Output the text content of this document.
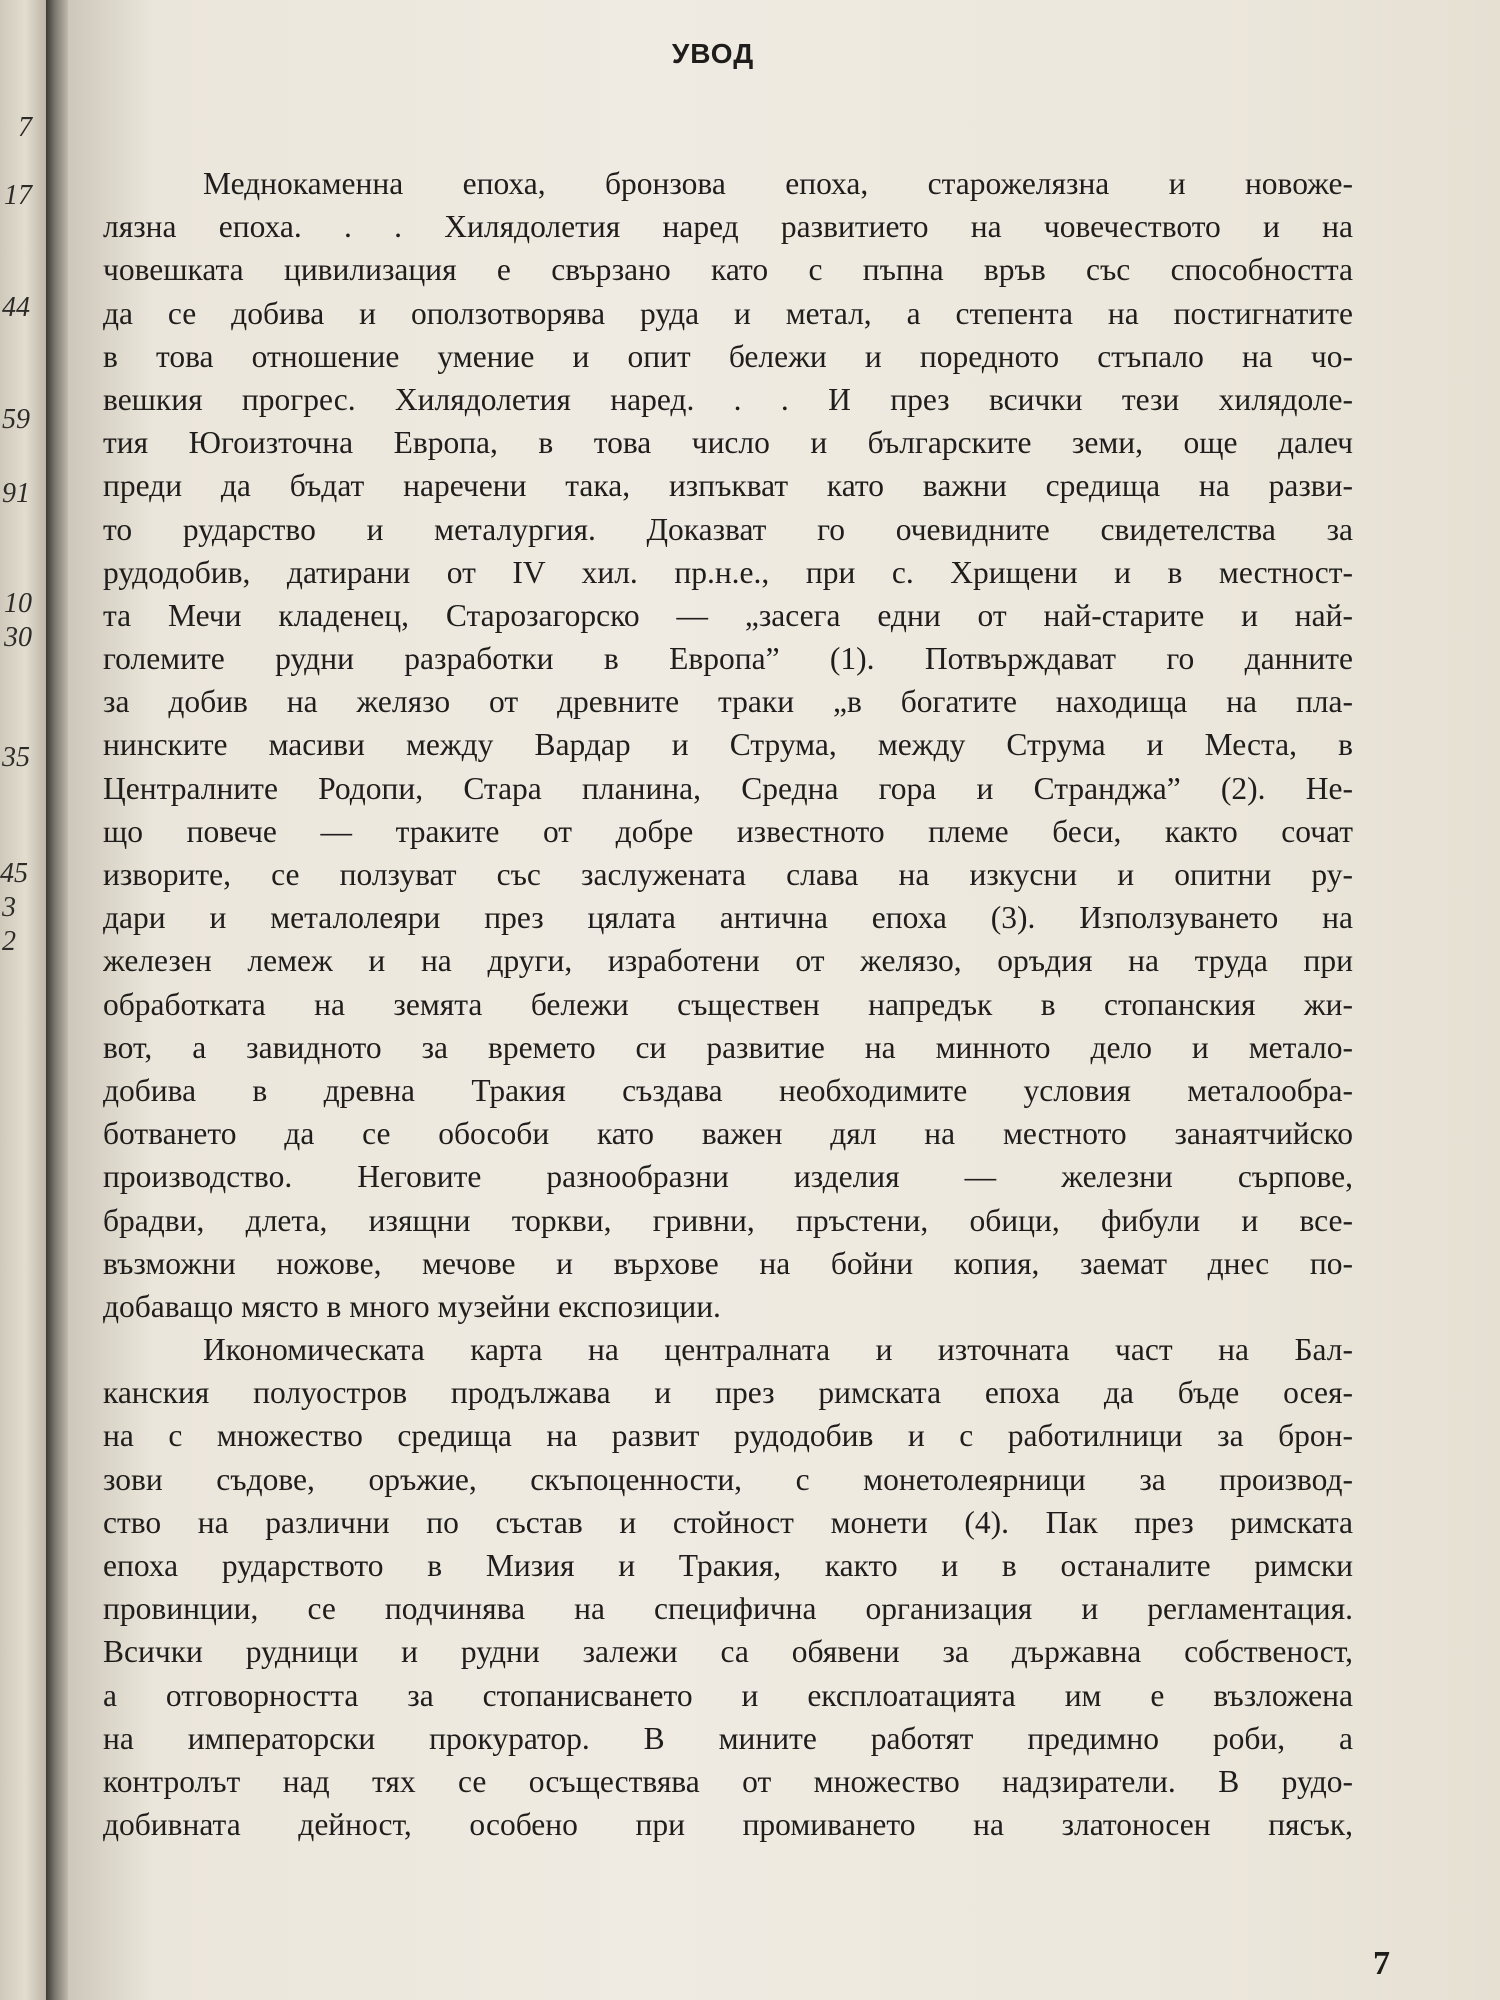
7
17
44
59
91
10
30
35
45
3
2
УВОД
Меднокаменна епоха, бронзова епоха, старожелязна и новоже-
лязна епоха. . . Хилядолетия наред развитието на човечеството и на
човешката цивилизация е свързано като с пъпна връв със способността
да се добива и оползотворява руда и метал, а степента на постигнатите
в това отношение умение и опит бележи и поредното стъпало на чо-
вешкия прогрес. Хилядолетия наред. . . И през всички тези хилядоле-
тия Югоизточна Европа, в това число и българските земи, още далеч
преди да бъдат наречени така, изпъкват като важни средища на разви-
то рударство и металургия. Доказват го очевидните свидетелства за
рудодобив, датирани от IV хил. пр.н.е., при с. Хрищени и в местност-
та Мечи кладенец, Старозагорско — „засега едни от най-старите и най-
големите рудни разработки в Европа” (1). Потвърждават го данните
за добив на желязо от древните траки „в богатите находища на пла-
нинските масиви между Вардар и Струма, между Струма и Места, в
Централните Родопи, Стара планина, Средна гора и Странджа” (2). Не-
що повече — траките от добре известното племе беси, както сочат
изворите, се ползуват със заслужената слава на изкусни и опитни ру-
дари и металолеяри през цялата антична епоха (3). Използуването на
железен лемеж и на други, изработени от желязо, оръдия на труда при
обработката на земята бележи съществен напредък в стопанския жи-
вот, а завидното за времето си развитие на минното дело и метало-
добива в древна Тракия създава необходимите условия металообра-
ботването да се обособи като важен дял на местното занаятчийско
производство. Неговите разнообразни изделия — железни сърпове,
брадви, длета, изящни торкви, гривни, пръстени, обици, фибули и все-
възможни ножове, мечове и върхове на бойни копия, заемат днес по-
добаващо място в много музейни експозиции.
Икономическата карта на централната и източната част на Бал-
канския полуостров продължава и през римската епоха да бъде осея-
на с множество средища на развит рудодобив и с работилници за брон-
зови съдове, оръжие, скъпоценности, с монетолеярници за производ-
ство на различни по състав и стойност монети (4). Пак през римската
епоха рударството в Мизия и Тракия, както и в останалите римски
провинции, се подчинява на специфична организация и регламентация.
Всички рудници и рудни залежи са обявени за държавна собственост,
а отговорността за стопанисването и експлоатацията им е възложена
на императорски прокуратор. В мините работят предимно роби, а
контролът над тях се осъществява от множество надзиратели. В рудо-
добивната дейност, особено при промиването на златоносен пясък,
7
